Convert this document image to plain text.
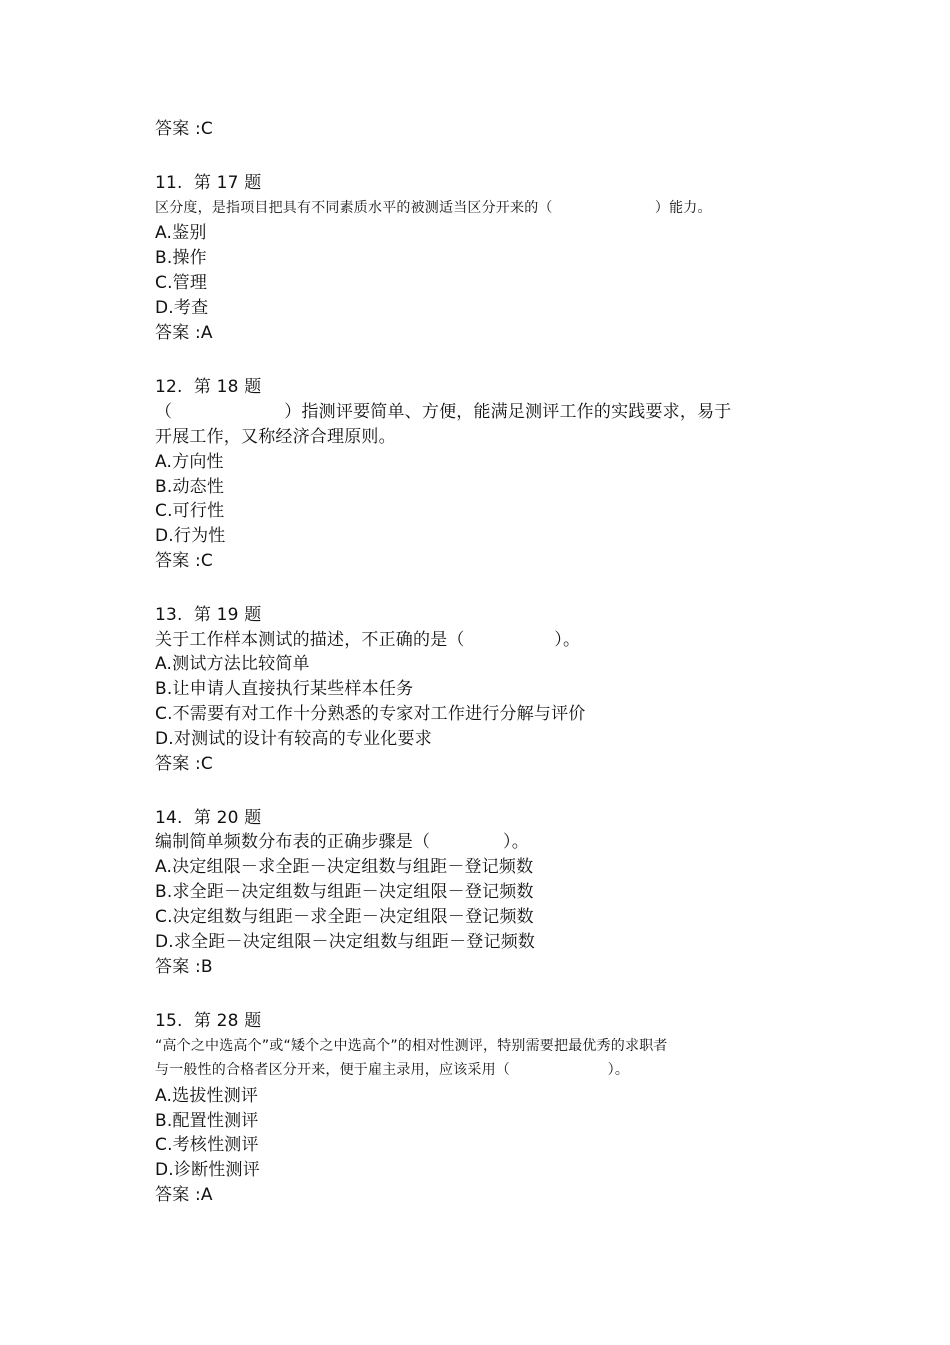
答案 :C
11.  第 17 题
区分度，是指项目把具有不同素质水平的被测适当区分开来的（                      ）能力。
A.鉴别
B.操作
C.管理
D.考查
答案 :A
12.  第 18 题
（                    ）指测评要简单、方便，能满足测评工作的实践要求，易于
开展工作，又称经济合理原则。
A.方向性
B.动态性
C.可行性
D.行为性
答案 :C
13.  第 19 题
关于工作样本测试的描述，不正确的是（                ）。
A.测试方法比较简单
B.让申请人直接执行某些样本任务
C.不需要有对工作十分熟悉的专家对工作进行分解与评价
D.对测试的设计有较高的专业化要求
答案 :C
14.  第 20 题
编制简单频数分布表的正确步骤是（             ）。
A.决定组限－求全距－决定组数与组距－登记频数
B.求全距－决定组数与组距－决定组限－登记频数
C.决定组数与组距－求全距－决定组限－登记频数
D.求全距－决定组限－决定组数与组距－登记频数
答案 :B
15.  第 28 题
“高个之中选高个”或“矮个之中选高个”的相对性测评，特别需要把最优秀的求职者
与一般性的合格者区分开来，便于雇主录用，应该采用（                     ）。
A.选拔性测评
B.配置性测评
C.考核性测评
D.诊断性测评
答案 :A
